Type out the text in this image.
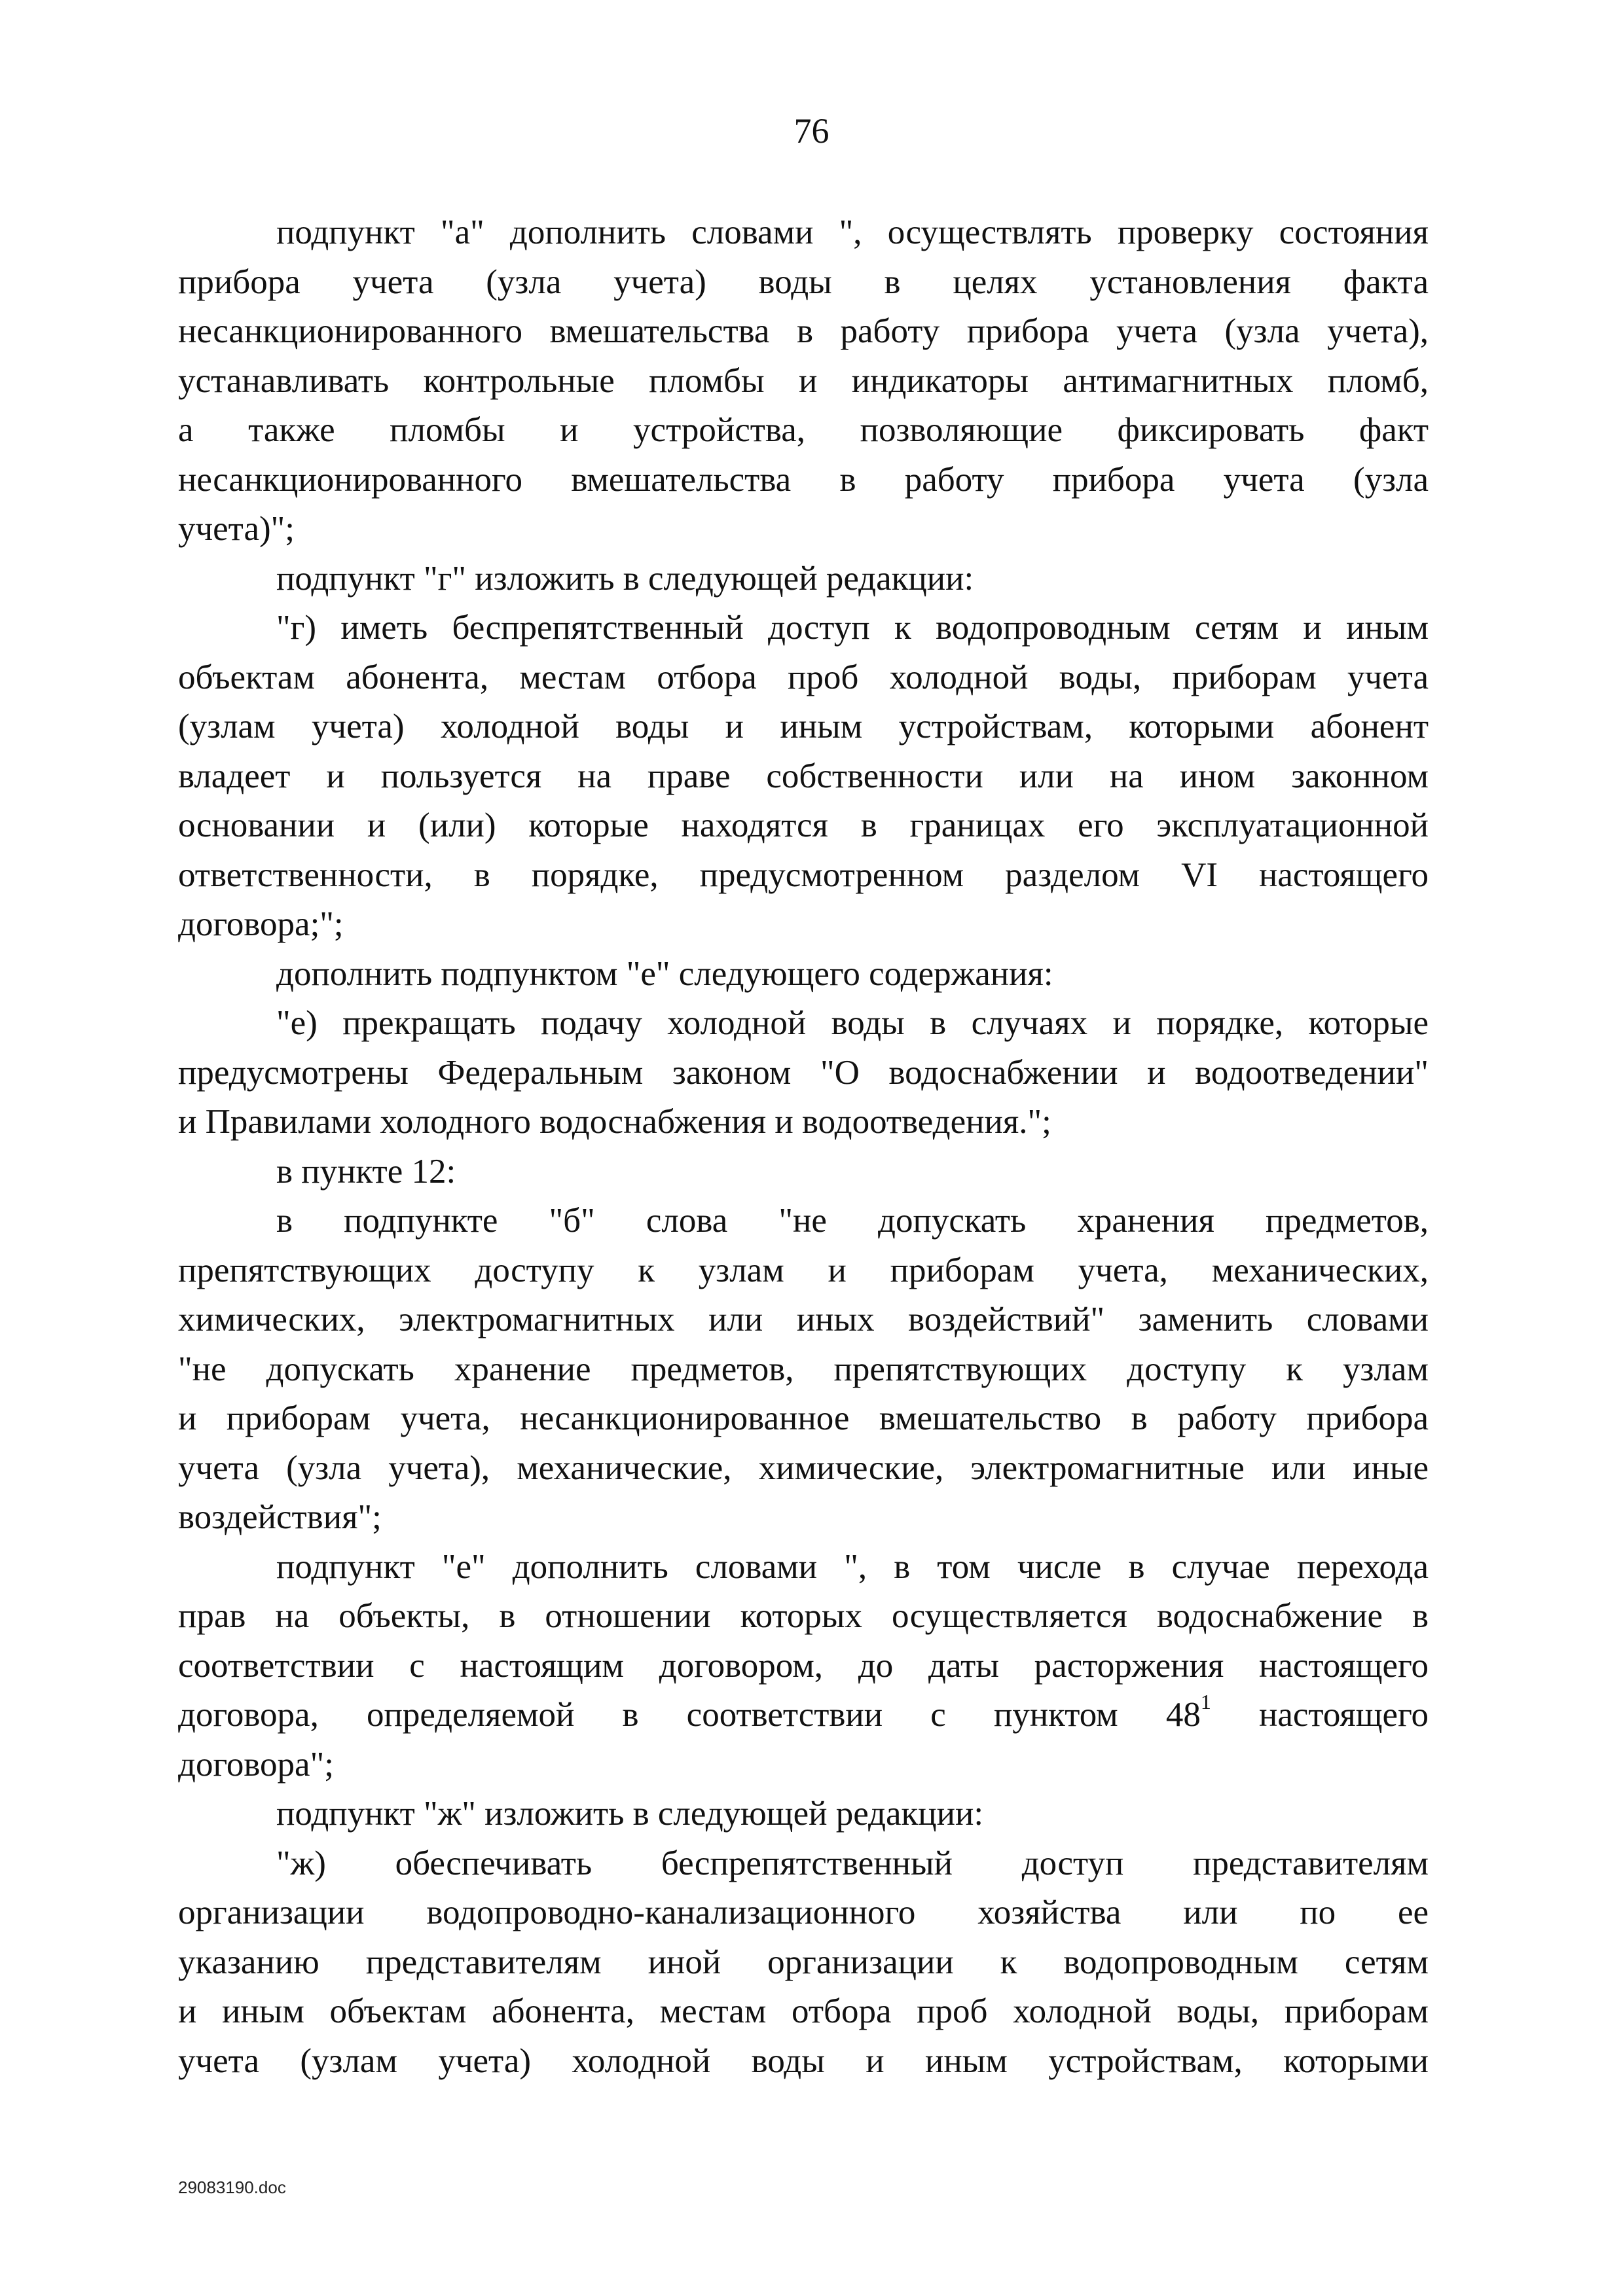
76

подпункт "а" дополнить словами ", осуществлять проверку состояния
прибора учета (узла учета) воды в целях установления факта
несанкционированного вмешательства в работу прибора учета (узла учета),
устанавливать контрольные пломбы и индикаторы антимагнитных пломб,
а также пломбы и устройства, позволяющие фиксировать факт
несанкционированного вмешательства в работу прибора учета (узла
учета)";

подпункт "г" изложить в следующей редакции:

"г) иметь беспрепятственный доступ к водопроводным сетям и иным
объектам абонента, местам отбора проб холодной воды, приборам учета
(узлам учета) холодной воды и иным устройствам, которыми абонент
владеет и пользуется на праве собственности или на ином законном
основании и (или) которые находятся в границах его эксплуатационной
ответственности, в порядке, предусмотренном разделом VI настоящего
договора;";

дополнить подпунктом "е" следующего содержания:

"е) прекращать подачу холодной воды в случаях и порядке, которые
предусмотрены Федеральным законом "О водоснабжении и водоотведении"
и Правилами холодного водоснабжения и водоотведения.";

в пункте 12:

в подпункте "б" слова "не допускать хранения предметов,
препятствующих доступу к узлам и приборам учета, механических,
химических, электромагнитных или иных воздействий" заменить словами
"не допускать хранение предметов, препятствующих доступу к узлам
и приборам учета, несанкционированное вмешательство в работу прибора
учета (узла учета), механические, химические, электромагнитные или иные
воздействия";

подпункт "е" дополнить словами ", в том числе в случае перехода
прав на объекты, в отношении которых осуществляется водоснабжение в
соответствии с настоящим договором, до даты расторжения настоящего
договора, определяемой в соответствии с пунктом 48$^1$ настоящего
договора";

подпункт "ж" изложить в следующей редакции:

"ж) обеспечивать беспрепятственный доступ представителям
организации водопроводно-канализационного хозяйства или по ее
указанию представителям иной организации к водопроводным сетям
и иным объектам абонента, местам отбора проб холодной воды, приборам
учета (узлам учета) холодной воды и иным устройствам, которыми

29083190.doc
